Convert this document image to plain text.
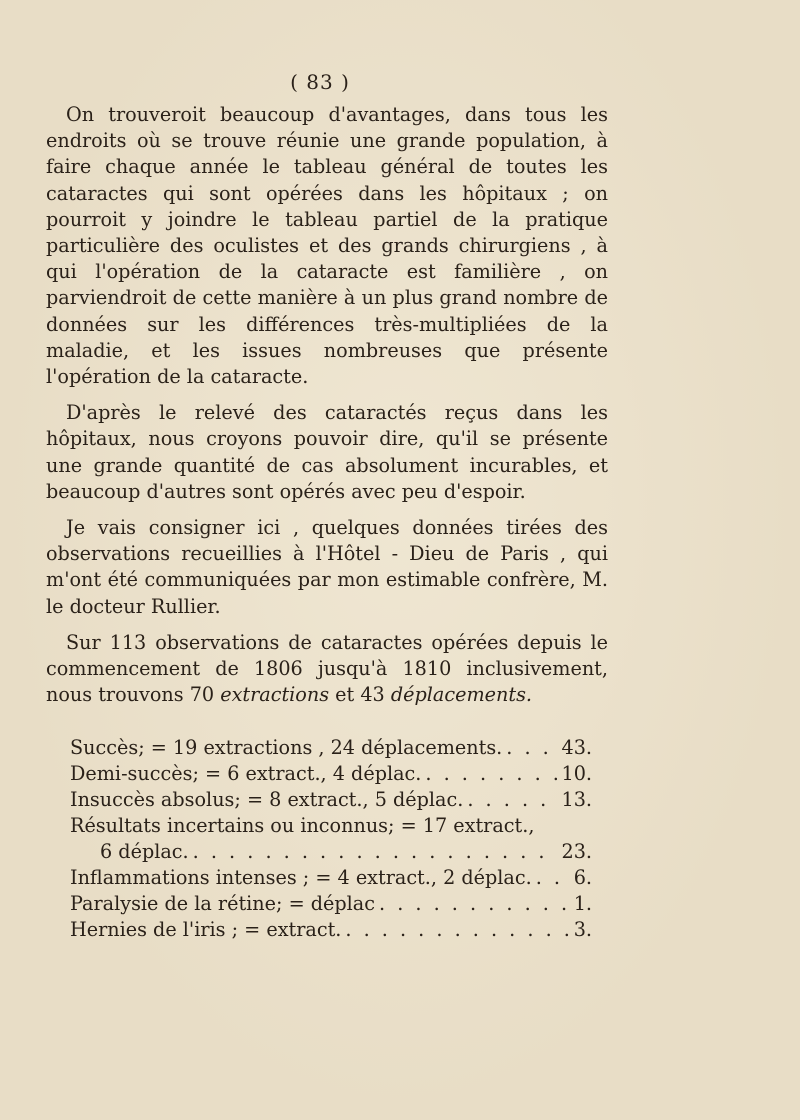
( 83 )

On trouveroit beaucoup d'avantages, dans tous les endroits où se trouve réunie une grande population, à faire chaque année le tableau général de toutes les cataractes qui sont opérées dans les hôpitaux ; on pourroit y joindre le tableau partiel de la pratique particulière des oculistes et des grands chirurgiens , à qui l'opération de la cataracte est familière , on parviendroit de cette manière à un plus grand nombre de données sur les différences très-multipliées de la maladie, et les issues nombreuses que présente l'opération de la cataracte.

D'après le relevé des cataractés reçus dans les hôpitaux, nous croyons pouvoir dire, qu'il se présente une grande quantité de cas absolument incurables, et beaucoup d'autres sont opérés avec peu d'espoir.

Je vais consigner ici , quelques données tirées des observations recueillies à l'Hôtel - Dieu de Paris , qui m'ont été communiquées par mon estimable confrère, M. le docteur Rullier.

Sur 113 observations de cataractes opérées depuis le commencement de 1806 jusqu'à 1810 inclusivement, nous trouvons 70 extractions et 43 déplacements.

Succès; = 19 extractions , 24 déplacements. . . .	43.
Demi-succès; = 6 extract., 4 déplac. . . .	10.
Insuccès absolus; = 8 extract., 5 déplac. . . .	13.
Résultats incertains ou inconnus; = 17 extract.,
6 déplac. . . .	23.
Inflammations intenses ; = 4 extract., 2 déplac. . . . 6.
Paralysie de la rétine; = déplac . . .	1.
Hernies de l'iris ; = extract. . . .	3.
